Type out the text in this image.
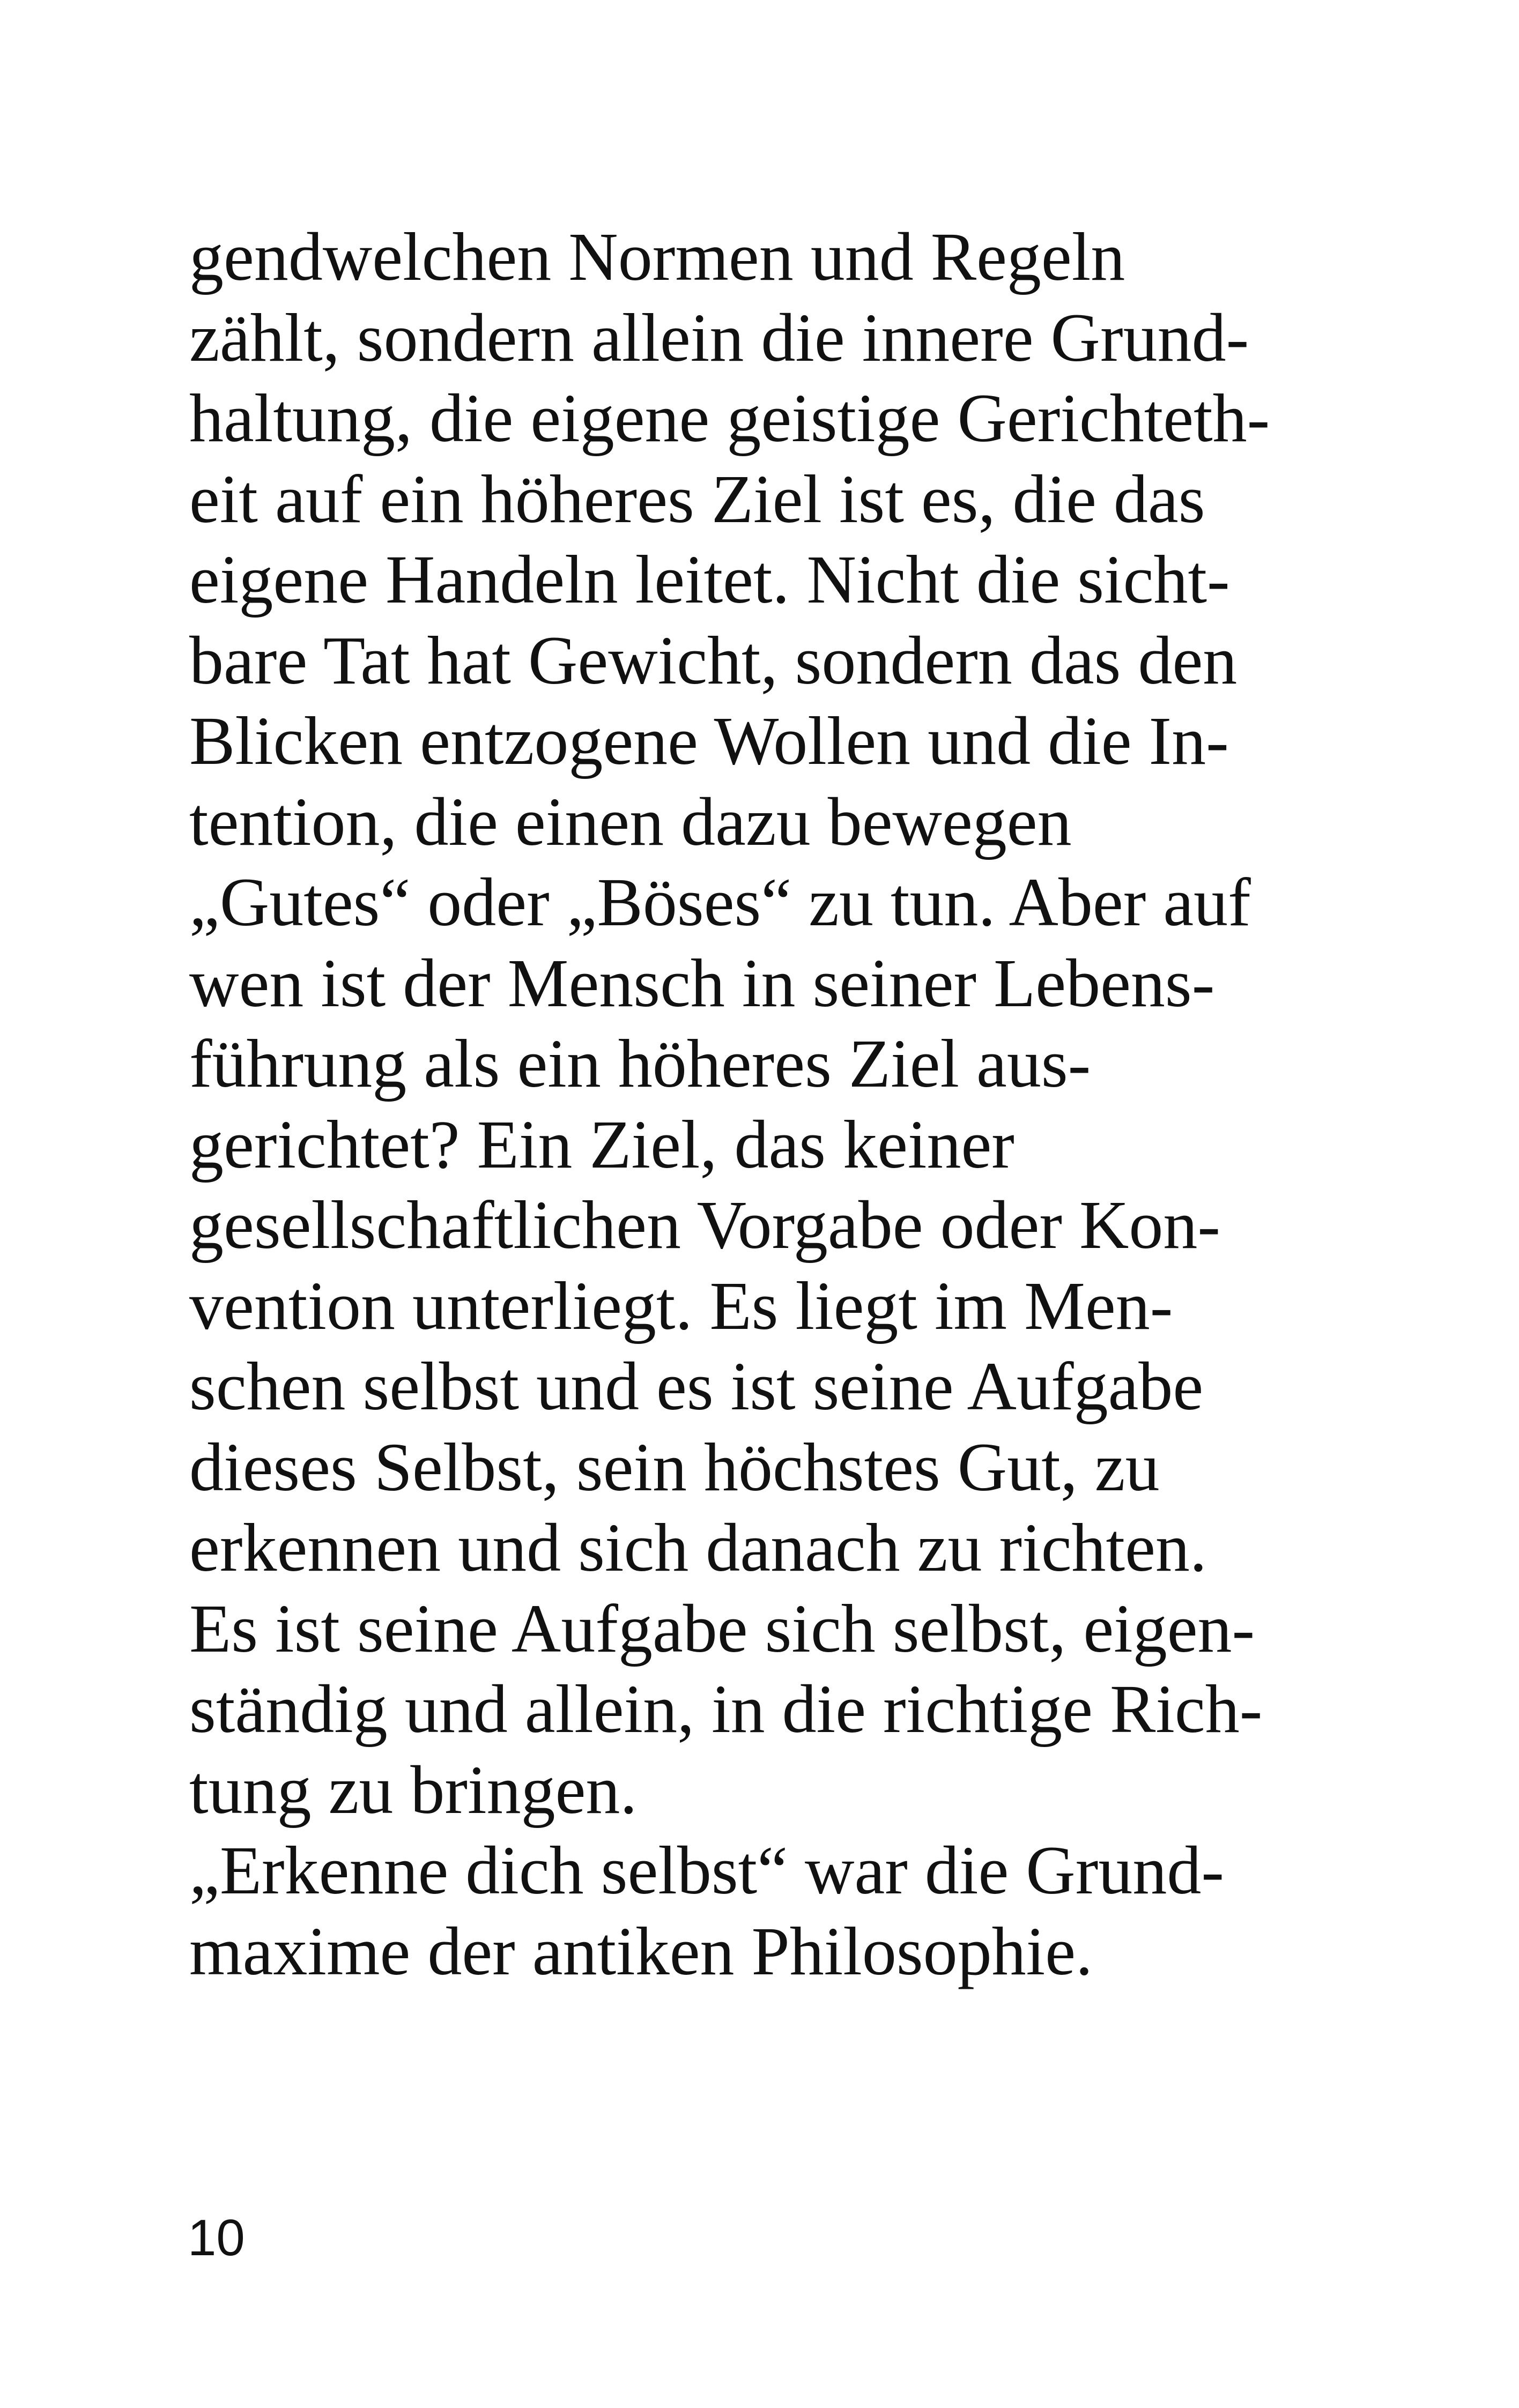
gendwelchen Normen und Regeln

zählt, sondern allein die innere Grund-

haltung, die eigene geistige Gerichteth-

eit auf ein höheres Ziel ist es, die das

eigene Handeln leitet. Nicht die sicht-

bare Tat hat Gewicht, sondern das den

Blicken entzogene Wollen und die In-

tention, die einen dazu bewegen

„Gutes“ oder „Böses“ zu tun. Aber auf

wen ist der Mensch in seiner Lebens-

führung als ein höheres Ziel aus-

gerichtet? Ein Ziel, das keiner

gesellschaftlichen Vorgabe oder Kon-

vention unterliegt. Es liegt im Men-

schen selbst und es ist seine Aufgabe

dieses Selbst, sein höchstes Gut, zu

erkennen und sich danach zu richten.

Es ist seine Aufgabe sich selbst, eigen-

ständig und allein, in die richtige Rich-

tung zu bringen.

„Erkenne dich selbst“ war die Grund-

maxime der antiken Philosophie.

10
